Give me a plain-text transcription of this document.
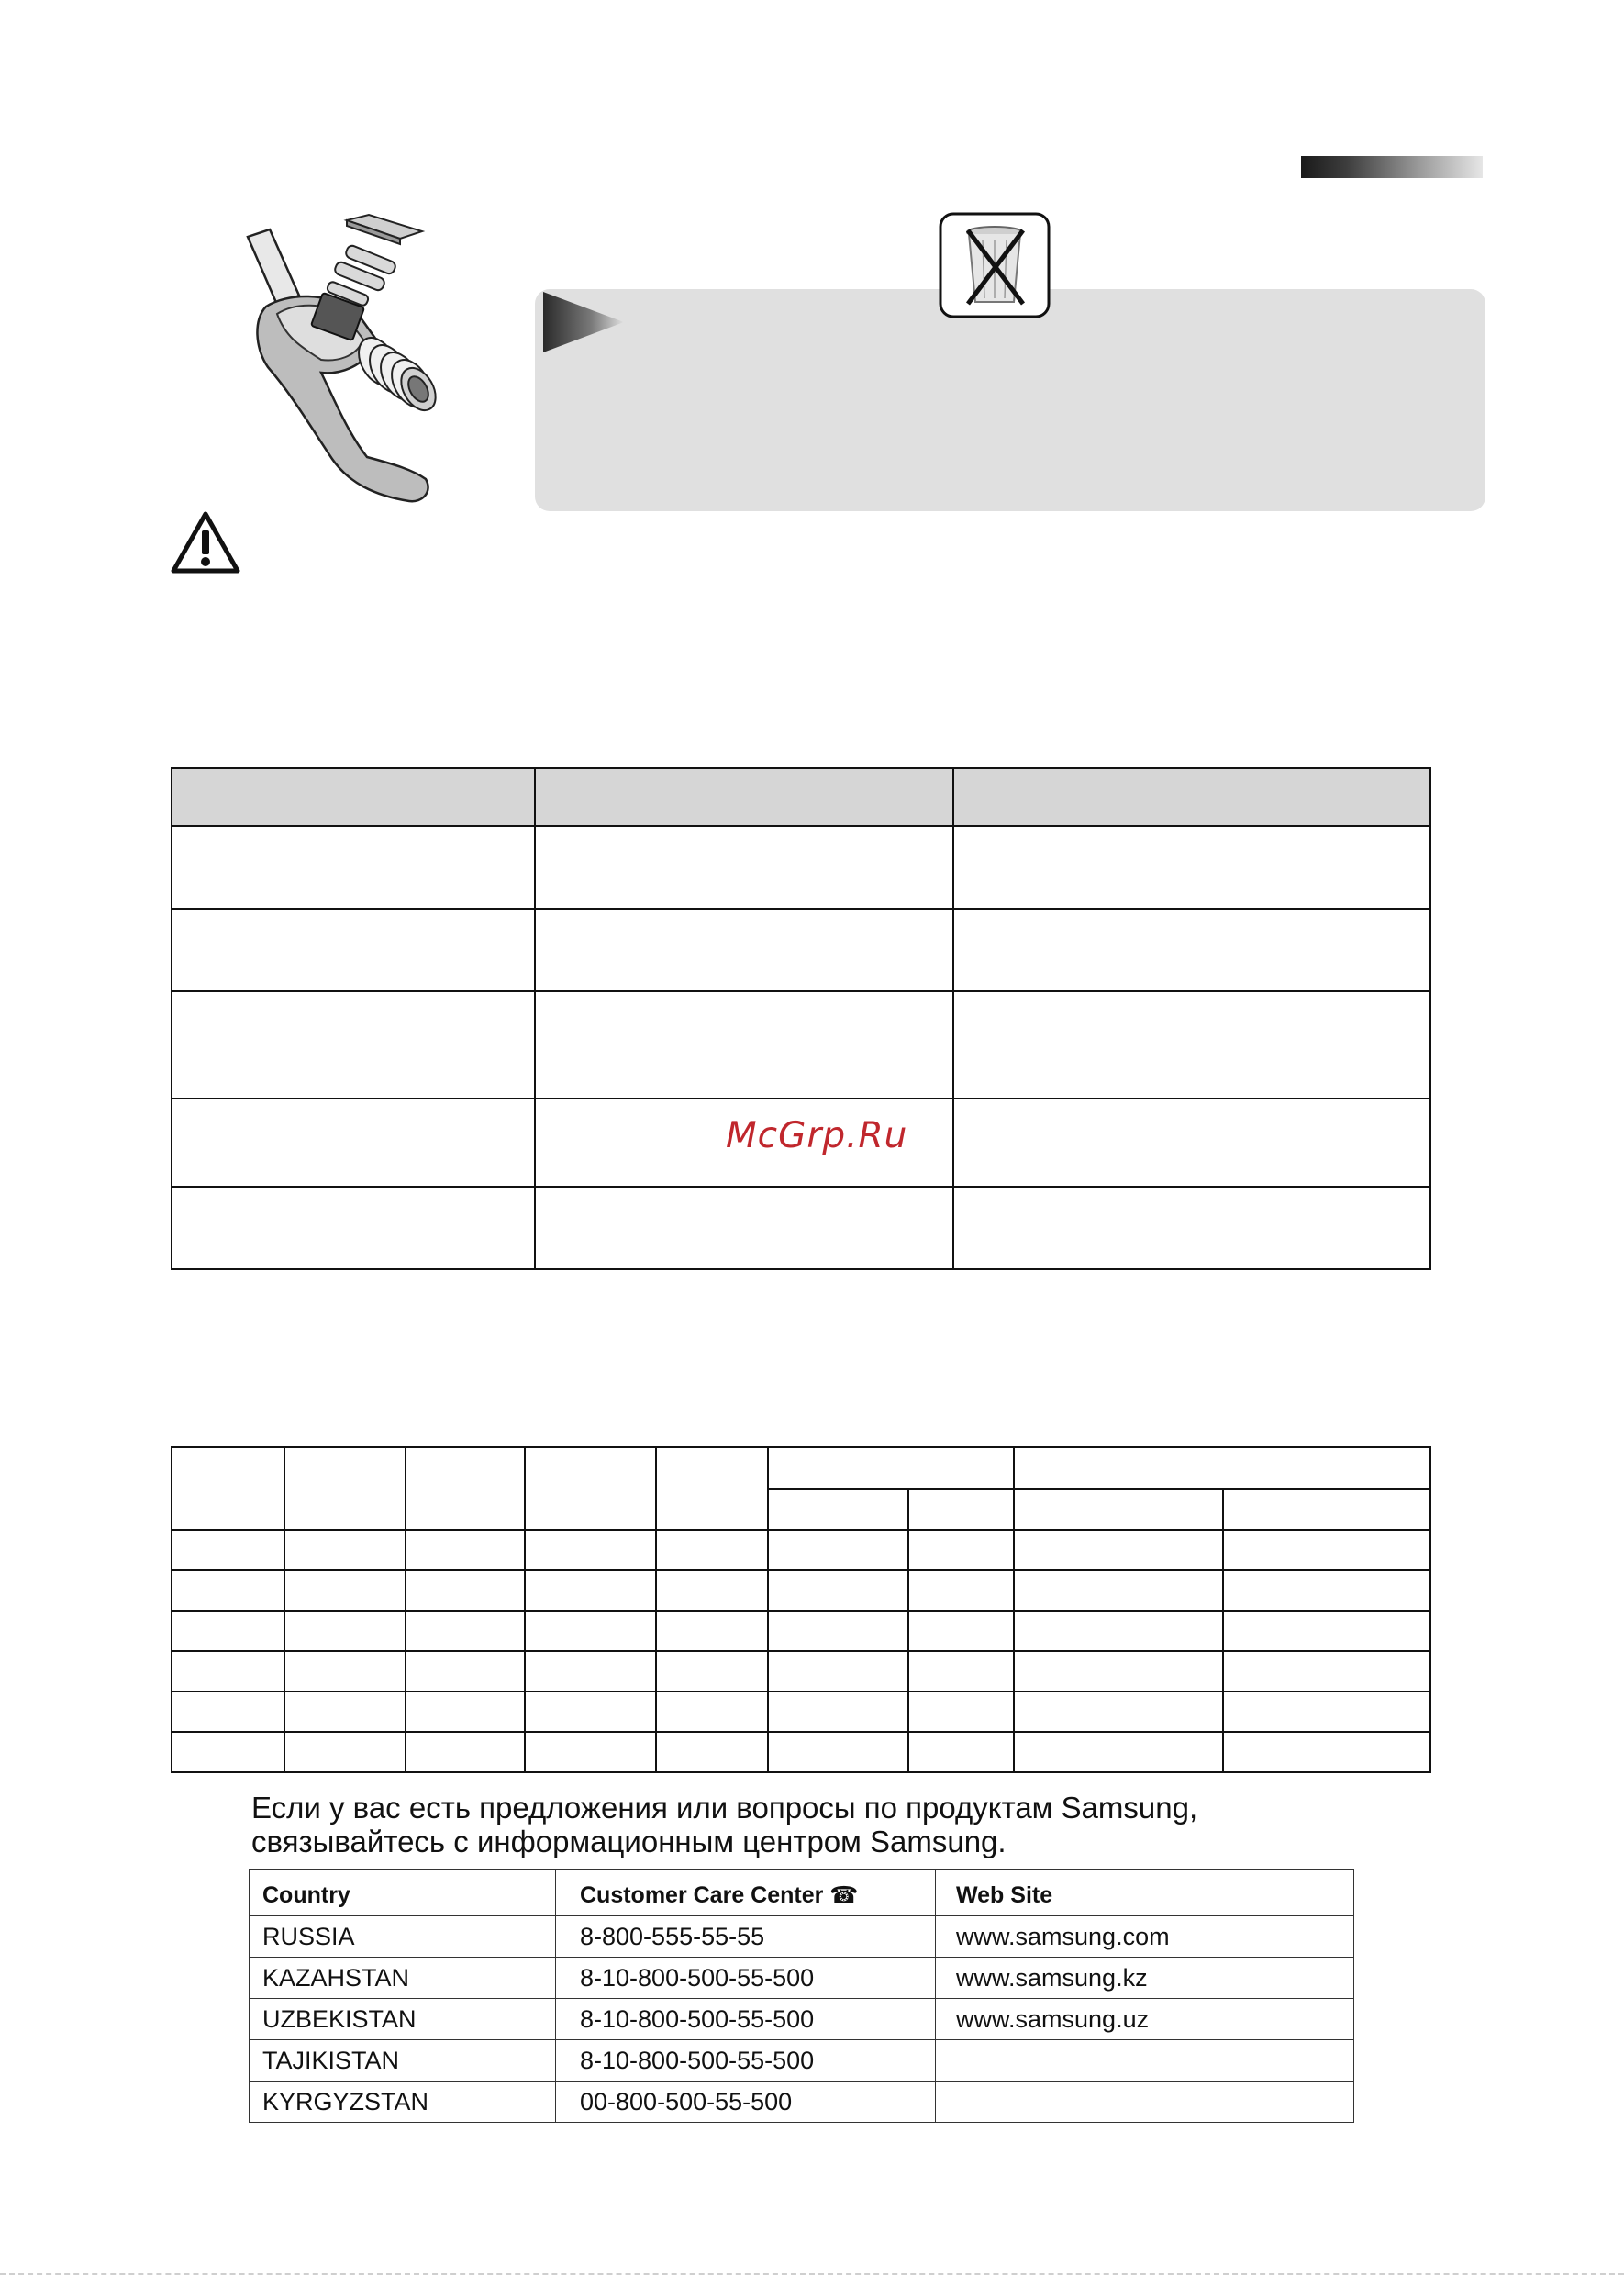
McGrp.Ru

Если у вас есть предложения или вопросы по продуктам Samsung,
связывайтесь с информационным центром Samsung.
Country	Customer Care Center ☎	Web Site
RUSSIA	8-800-555-55-55	www.samsung.com
KAZAHSTAN	8-10-800-500-55-500	www.samsung.kz
UZBEKISTAN	8-10-800-500-55-500	www.samsung.uz
TAJIKISTAN	8-10-800-500-55-500	
KYRGYZSTAN	00-800-500-55-500	
